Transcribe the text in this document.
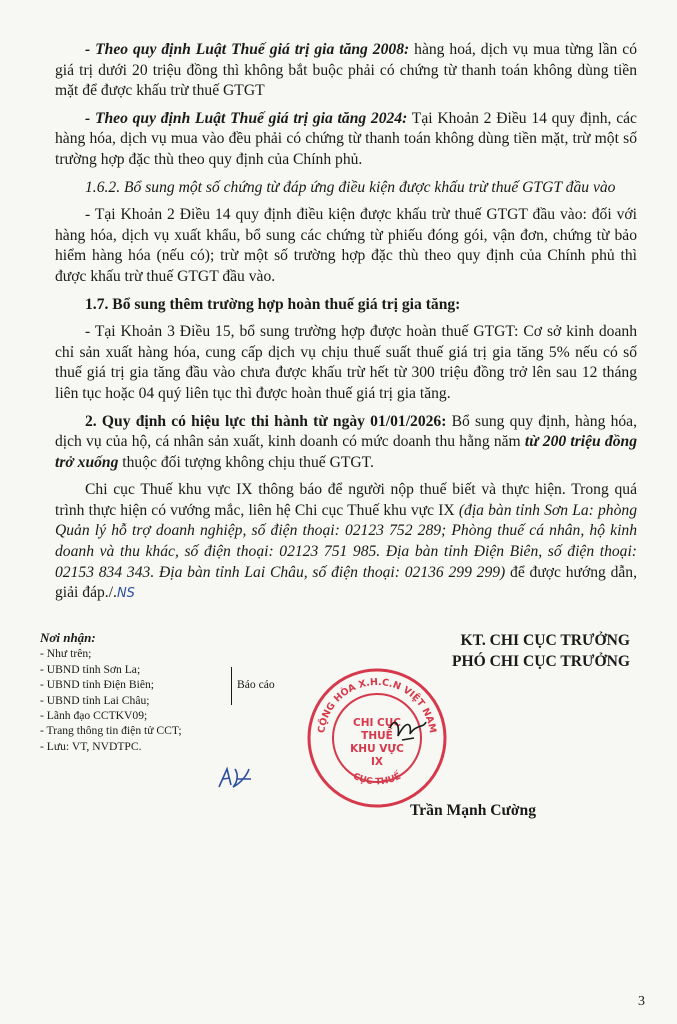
- Theo quy định Luật Thuế giá trị gia tăng 2008: hàng hoá, dịch vụ mua từng lần có giá trị dưới 20 triệu đồng thì không bắt buộc phải có chứng từ thanh toán không dùng tiền mặt để được khấu trừ thuế GTGT

- Theo quy định Luật Thuế giá trị gia tăng 2024: Tại Khoản 2 Điều 14 quy định, các hàng hóa, dịch vụ mua vào đều phải có chứng từ thanh toán không dùng tiền mặt, trừ một số trường hợp đặc thù theo quy định của Chính phủ.

1.6.2. Bổ sung một số chứng từ đáp ứng điều kiện được khấu trừ thuế GTGT đầu vào

- Tại Khoản 2 Điều 14 quy định điều kiện được khấu trừ thuế GTGT đầu vào: đối với hàng hóa, dịch vụ xuất khẩu, bổ sung các chứng từ phiếu đóng gói, vận đơn, chứng từ bảo hiểm hàng hóa (nếu có); trừ một số trường hợp đặc thù theo quy định của Chính phủ thì được khấu trừ thuế GTGT đầu vào.

1.7. Bổ sung thêm trường hợp hoàn thuế giá trị gia tăng:

- Tại Khoản 3 Điều 15, bổ sung trường hợp được hoàn thuế GTGT: Cơ sở kinh doanh chỉ sản xuất hàng hóa, cung cấp dịch vụ chịu thuế suất thuế giá trị gia tăng 5% nếu có số thuế giá trị gia tăng đầu vào chưa được khấu trừ hết từ 300 triệu đồng trở lên sau 12 tháng liên tục hoặc 04 quý liên tục thì được hoàn thuế giá trị gia tăng.

2. Quy định có hiệu lực thi hành từ ngày 01/01/2026: Bổ sung quy định, hàng hóa, dịch vụ của hộ, cá nhân sản xuất, kinh doanh có mức doanh thu hằng năm từ 200 triệu đồng trở xuống thuộc đối tượng không chịu thuế GTGT.

Chi cục Thuế khu vực IX thông báo để người nộp thuế biết và thực hiện. Trong quá trình thực hiện có vướng mắc, liên hệ Chi cục Thuế khu vực IX (địa bàn tỉnh Sơn La: phòng Quản lý hỗ trợ doanh nghiệp, số điện thoại: 02123 752 289; Phòng thuế cá nhân, hộ kinh doanh và thu khác, số điện thoại: 02123 751 985. Địa bàn tỉnh Điện Biên, số điện thoại: 02153 834 343. Địa bàn tỉnh Lai Châu, số điện thoại: 02136 299 299) để được hướng dẫn, giải đáp./.NS

Nơi nhận:
- Như trên;
- UBND tỉnh Sơn La;
- UBND tỉnh Điện Biên;
- UBND tỉnh Lai Châu;
- Lãnh đạo CCTKV09;
- Trang thông tin điện tử CCT;
- Lưu: VT, NVDTPC.
Báo cáo
KT. CHI CỤC TRƯỞNG
PHÓ CHI CỤC TRƯỞNG
CỘNG HÒA X.H.C.N VIỆT NAM
CỤC THUẾ
CHI CỤC
THUẾ
KHU VỰC
IX
Trần Mạnh Cường
3
